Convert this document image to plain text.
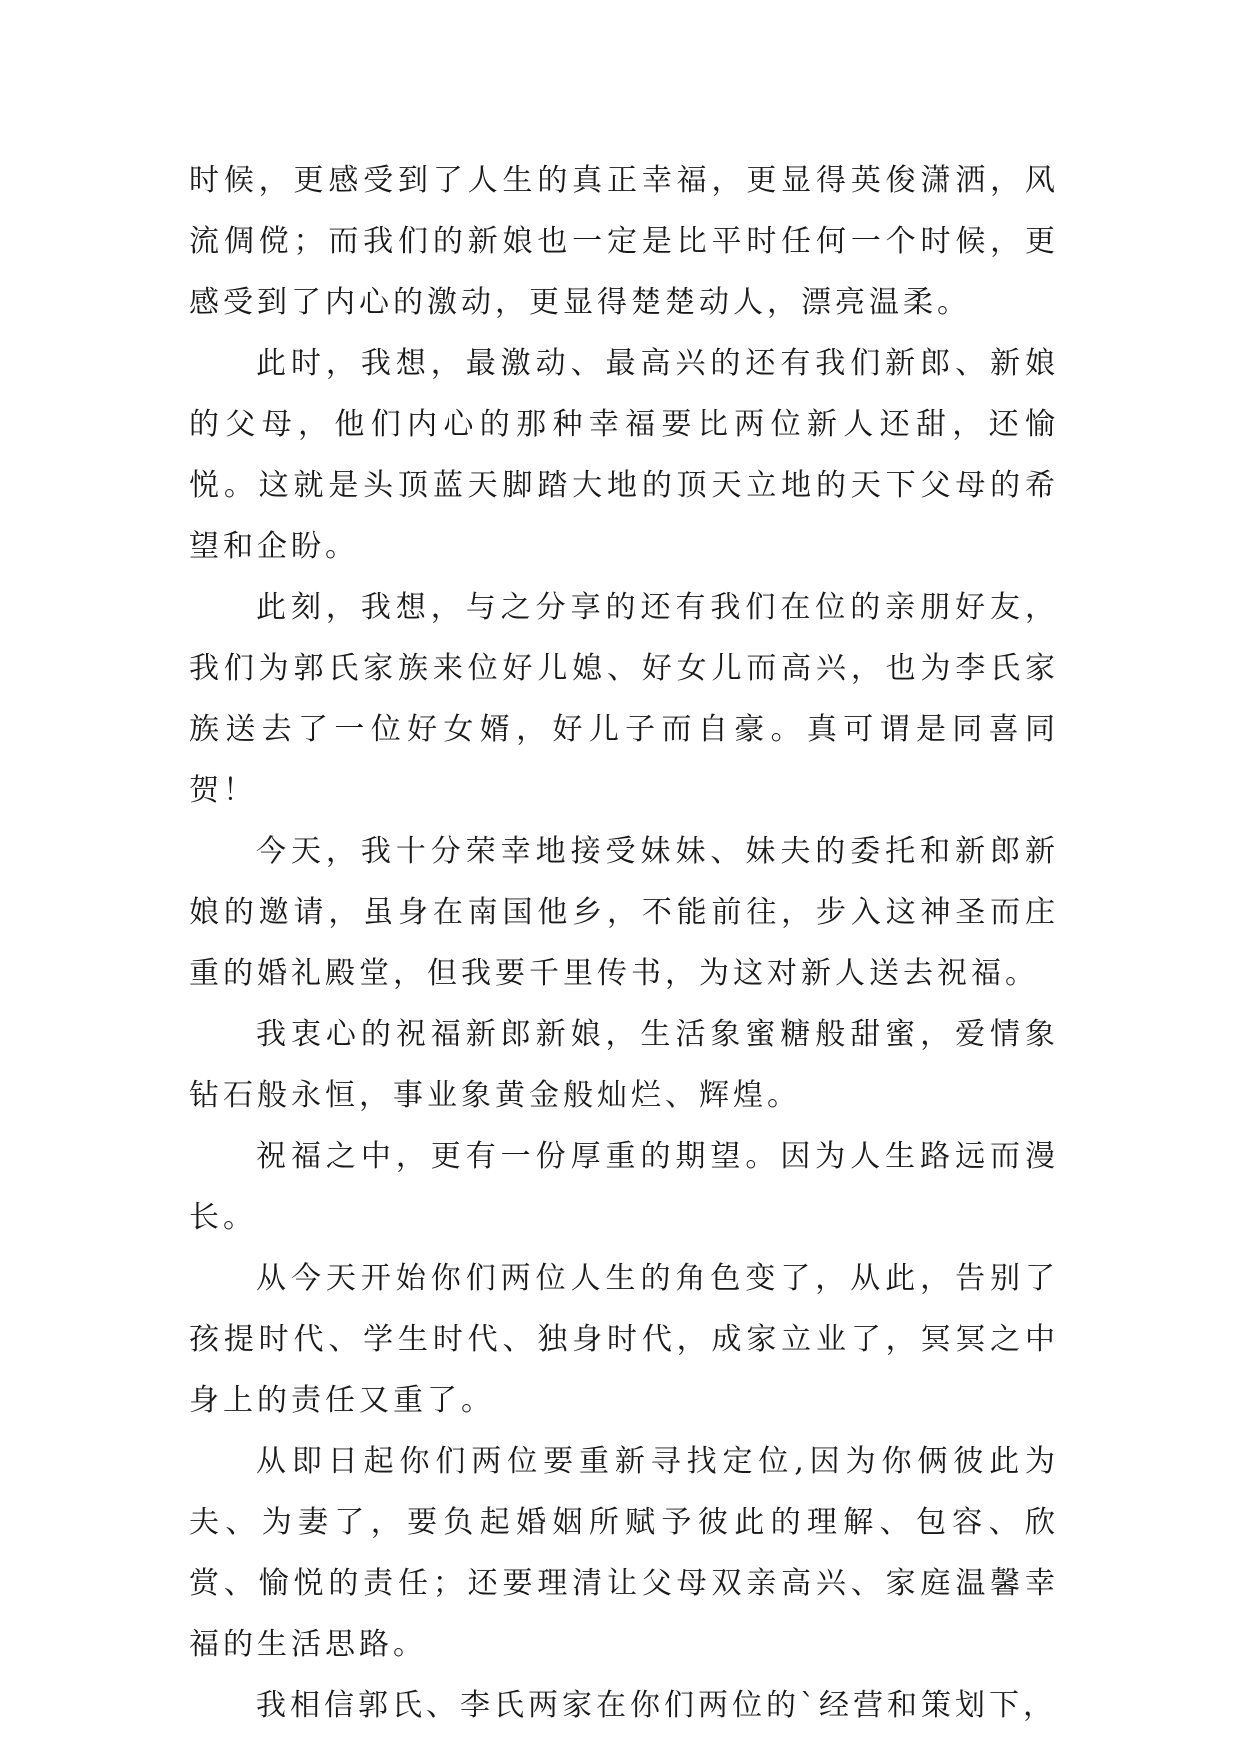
时候，更感受到了人生的真正幸福，更显得英俊潇洒，风流倜傥；而我们的新娘也一定是比平时任何一个时候，更感受到了内心的激动，更显得楚楚动人，漂亮温柔。

此时，我想，最激动、最高兴的还有我们新郎、新娘的父母，他们内心的那种幸福要比两位新人还甜，还愉悦。这就是头顶蓝天脚踏大地的顶天立地的天下父母的希望和企盼。

此刻，我想，与之分享的还有我们在位的亲朋好友，我们为郭氏家族来位好儿媳、好女儿而高兴，也为李氏家族送去了一位好女婿，好儿子而自豪。真可谓是同喜同贺！

今天，我十分荣幸地接受妹妹、妹夫的委托和新郎新娘的邀请，虽身在南国他乡，不能前往，步入这神圣而庄重的婚礼殿堂，但我要千里传书，为这对新人送去祝福。

我衷心的祝福新郎新娘，生活象蜜糖般甜蜜，爱情象钻石般永恒，事业象黄金般灿烂、辉煌。

祝福之中，更有一份厚重的期望。因为人生路远而漫长。

从今天开始你们两位人生的角色变了，从此，告别了孩提时代、学生时代、独身时代，成家立业了，冥冥之中身上的责任又重了。

从即日起你们两位要重新寻找定位,因为你俩彼此为夫、为妻了，要负起婚姻所赋予彼此的理解、包容、欣赏、愉悦的责任；还要理清让父母双亲高兴、家庭温馨幸福的生活思路。

我相信郭氏、李氏两家在你们两位的`经营和策划下，
